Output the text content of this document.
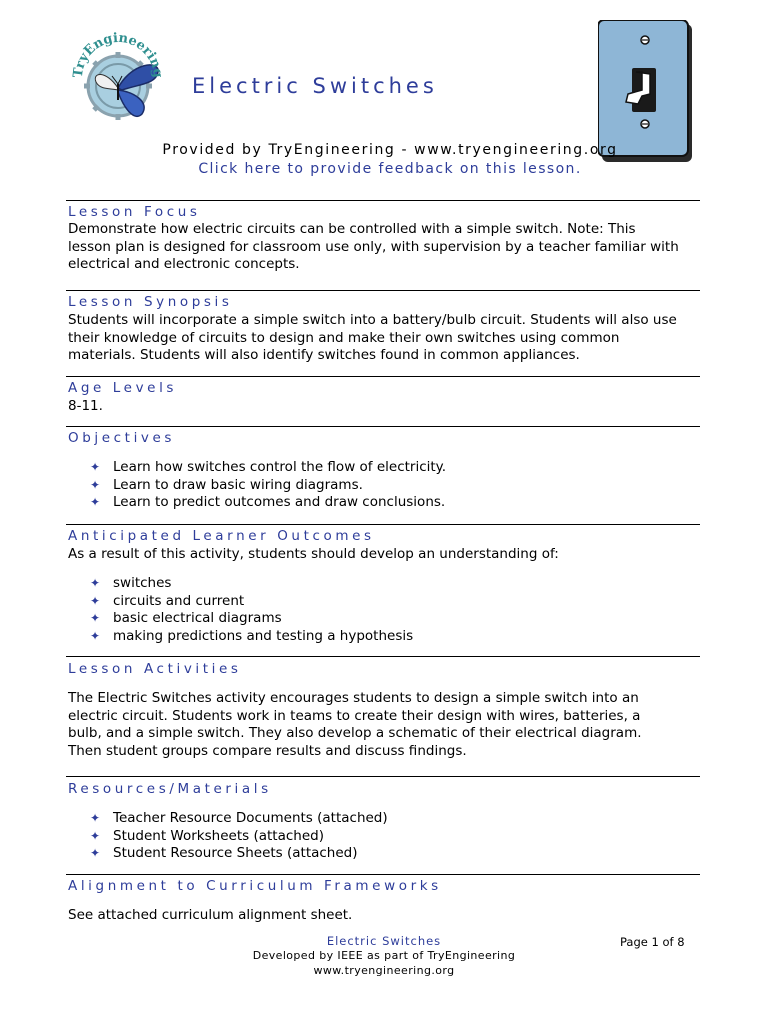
TryEngineering
Electric Switches
Provided by TryEngineering - www.tryengineering.org
Click here to provide feedback on this lesson.
Lesson Focus
Demonstrate how electric circuits can be controlled with a simple switch. Note: This
lesson plan is designed for classroom use only, with supervision by a teacher familiar with
electrical and electronic concepts.
Lesson Synopsis
Students will incorporate a simple switch into a battery/bulb circuit. Students will also use
their knowledge of circuits to design and make their own switches using common
materials. Students will also identify switches found in common appliances.
Age Levels
8-11.
Objectives
✦ Learn how switches control the flow of electricity.
✦ Learn to draw basic wiring diagrams.
✦ Learn to predict outcomes and draw conclusions.
Anticipated Learner Outcomes
As a result of this activity, students should develop an understanding of:
✦ switches
✦ circuits and current
✦ basic electrical diagrams
✦ making predictions and testing a hypothesis
Lesson Activities
The Electric Switches activity encourages students to design a simple switch into an
electric circuit. Students work in teams to create their design with wires, batteries, a
bulb, and a simple switch. They also develop a schematic of their electrical diagram.
Then student groups compare results and discuss findings.
Resources/Materials
✦ Teacher Resource Documents (attached)
✦ Student Worksheets (attached)
✦ Student Resource Sheets (attached)
Alignment to Curriculum Frameworks
See attached curriculum alignment sheet.
Electric Switches	Page 1 of 8
Developed by IEEE as part of TryEngineering
www.tryengineering.org
